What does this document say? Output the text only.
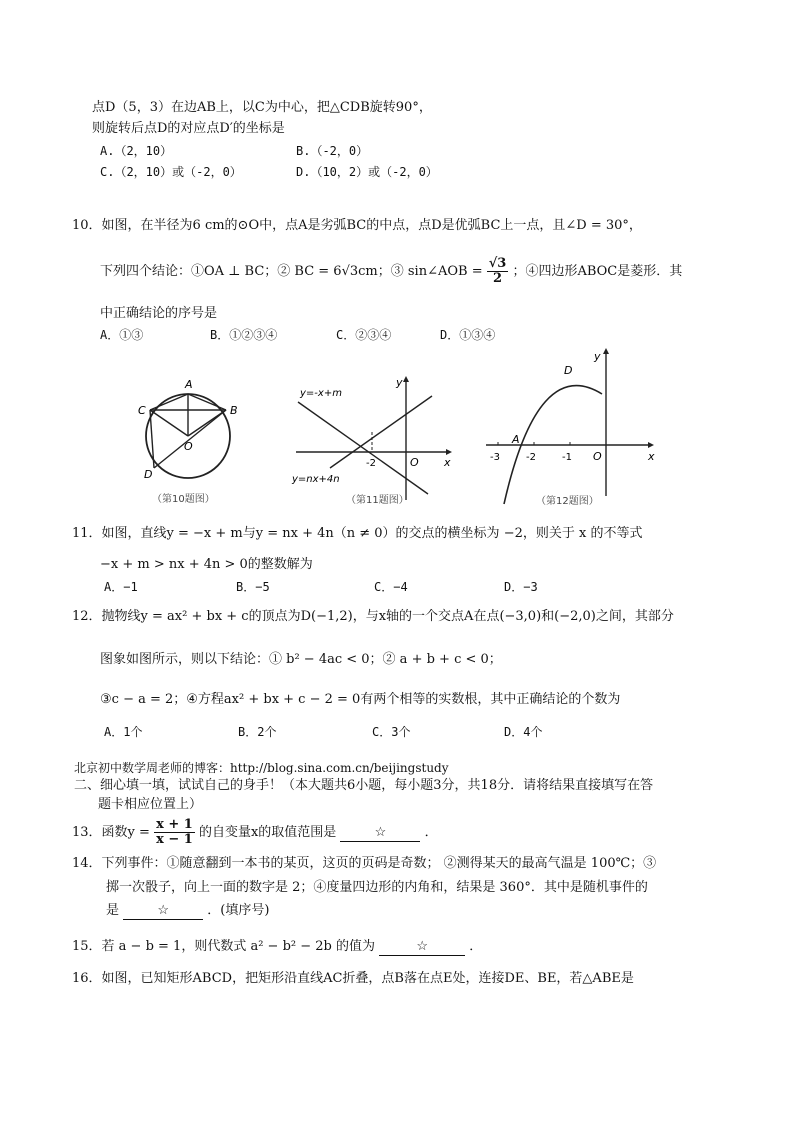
点D（5，3）在边AB上，以C为中心，把△CDB旋转90°，
则旋转后点D的对应点D′的坐标是
A.（2，10）	B.（-2，0）
C.（2，10）或（-2，0）	D.（10，2）或（-2，0）
10．如图，在半径为6 cm的⊙O中，点A是劣弧BC的中点，点D是优弧BC上一点，且∠D = 30°，
下列四个结论：①OA ⊥ BC；② BC = 6√3cm；③ sin∠AOB = $\frac{√3}{2}$ ；④四边形ABOC是菱形．其
中正确结论的序号是
A．①③	B．①②③④	C．②③④	D．①③④
A
B
C
D
O
（第10题图）
y=-x+m
y=nx+4n
-2	O x
y
（第11题图）
-3	-2	-1 O
D
A
x
y
（第12题图）
11．如图，直线y = −x + m与y = nx + 4n（n ≠ 0）的交点的横坐标为 −2，则关于 x 的不等式
−x + m > nx + 4n > 0的整数解为
A．−1	B．−5	C．−4	D．−3
12．抛物线y = ax² + bx + c的顶点为D(−1,2)，与x轴的一个交点A在点(−3,0)和(−2,0)之间，其部分
图象如图所示，则以下结论：① b² − 4ac < 0；② a + b + c < 0；
③c − a = 2；④方程ax² + bx + c − 2 = 0有两个相等的实数根，其中正确结论的个数为
A．1个	B．2个	C．3个	D．4个
北京初中数学周老师的博客：http://blog.sina.com.cn/beijingstudy
二、细心填一填，试试自己的身手！（本大题共6小题，每小题3分，共18分．请将结果直接填写在答
题卡相应位置上）
13．函数$y = \frac{x + 1}{x - 1}$ 的自变量x的取值范围是	☆	．
14．下列事件：①随意翻到一本书的某页，这页的页码是奇数； ②测得某天的最高气温是 100℃；③
掷一次骰子，向上一面的数字是 2；④度量四边形的内角和，结果是 360°．其中是随机事件的
是	☆	．(填序号)
15．若 a − b = 1，则代数式 a² − b² − 2b 的值为	☆	．
16．如图，已知矩形ABCD，把矩形沿直线AC折叠，点B落在点E处，连接DE、BE，若△ABE是
